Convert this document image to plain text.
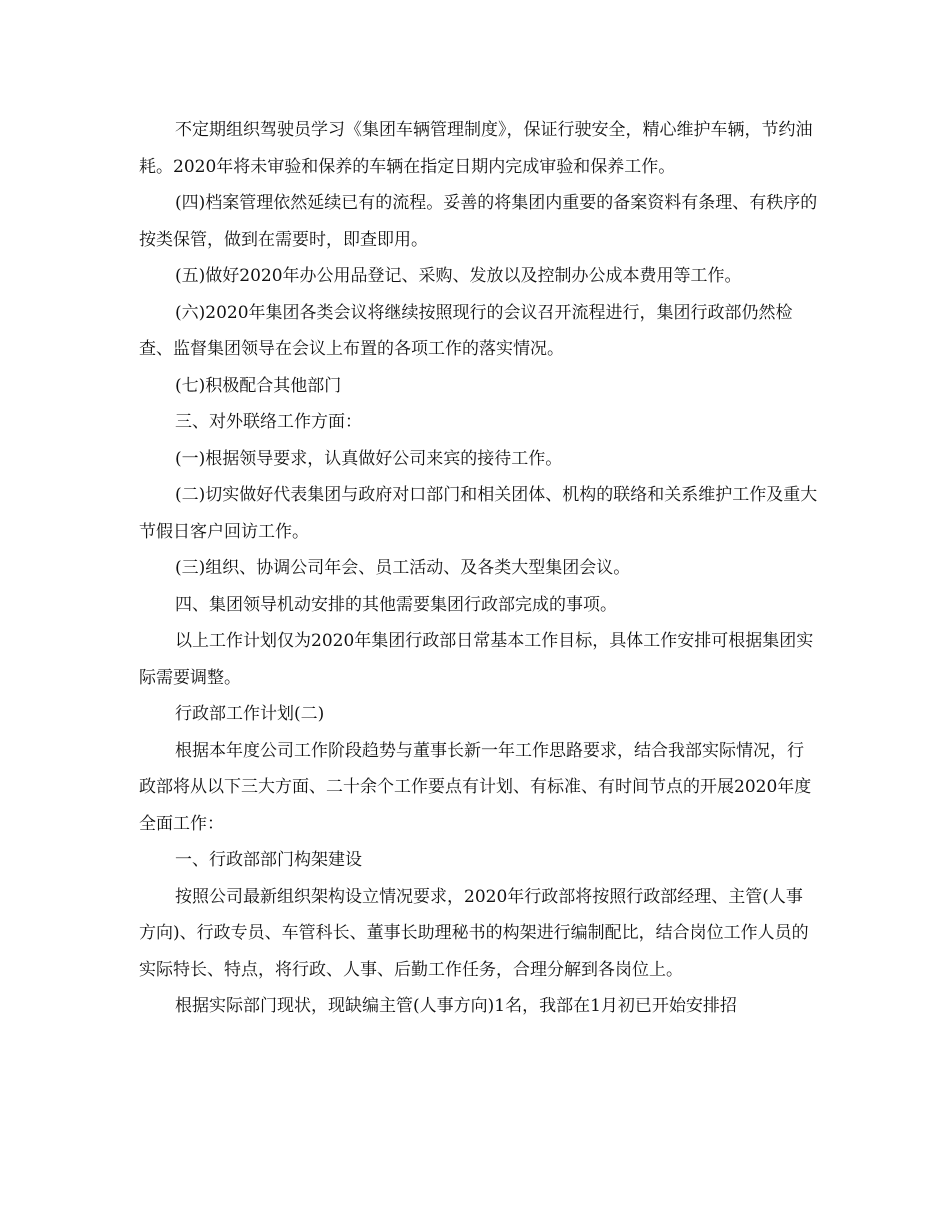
不定期组织驾驶员学习《集团车辆管理制度》，保证行驶安全，精心维护车辆，节约油耗。2020年将未审验和保养的车辆在指定日期内完成审验和保养工作。

(四)档案管理依然延续已有的流程。妥善的将集团内重要的备案资料有条理、有秩序的按类保管，做到在需要时，即查即用。

(五)做好2020年办公用品登记、采购、发放以及控制办公成本费用等工作。

(六)2020年集团各类会议将继续按照现行的会议召开流程进行，集团行政部仍然检查、监督集团领导在会议上布置的各项工作的落实情况。

(七)积极配合其他部门

三、对外联络工作方面：

(一)根据领导要求，认真做好公司来宾的接待工作。

(二)切实做好代表集团与政府对口部门和相关团体、机构的联络和关系维护工作及重大节假日客户回访工作。

(三)组织、协调公司年会、员工活动、及各类大型集团会议。

四、集团领导机动安排的其他需要集团行政部完成的事项。

以上工作计划仅为2020年集团行政部日常基本工作目标，具体工作安排可根据集团实际需要调整。

行政部工作计划(二)

根据本年度公司工作阶段趋势与董事长新一年工作思路要求，结合我部实际情况，行政部将从以下三大方面、二十余个工作要点有计划、有标准、有时间节点的开展2020年度全面工作：

一、行政部部门构架建设

按照公司最新组织架构设立情况要求，2020年行政部将按照行政部经理、主管(人事方向)、行政专员、车管科长、董事长助理秘书的构架进行编制配比，结合岗位工作人员的实际特长、特点，将行政、人事、后勤工作任务，合理分解到各岗位上。

根据实际部门现状，现缺编主管(人事方向)1名，我部在1月初已开始安排招
